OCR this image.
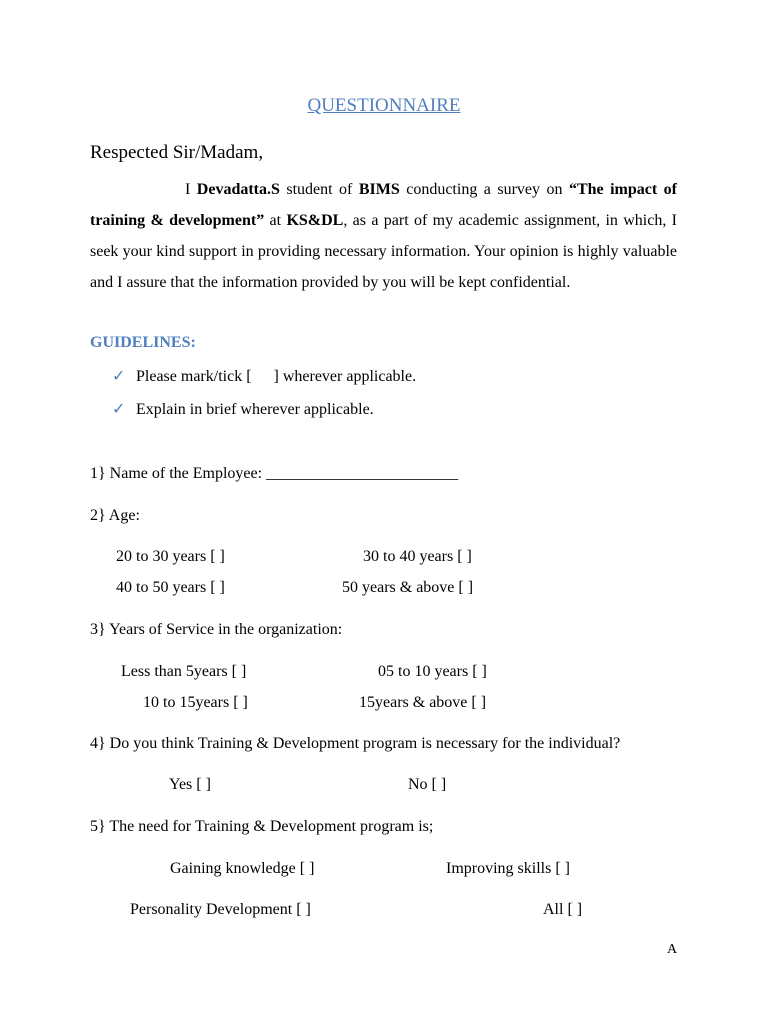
QUESTIONNAIRE
Respected Sir/Madam,
I Devadatta.S student of BIMS conducting a survey on “The impact of training & development” at KS&DL, as a part of my academic assignment, in which, I seek your kind support in providing necessary information. Your opinion is highly valuable and I assure that the information provided by you will be kept confidential.
GUIDELINES:
✓ Please mark/tick [ ] wherever applicable.
✓ Explain in brief wherever applicable.
1} Name of the Employee: ________________________
2} Age:
20 to 30 years [ ]	30 to 40 years [ ]
40 to 50 years [ ]	50 years & above [ ]
3} Years of Service in the organization:
Less than 5years [ ]	05 to 10 years [ ]
10 to 15years [ ]	15years & above [ ]
4} Do you think Training & Development program is necessary for the individual?
Yes [ ]	No [ ]
5} The need for Training & Development program is;
Gaining knowledge [ ]	Improving skills [ ]
Personality Development [ ]	All [ ]
A
